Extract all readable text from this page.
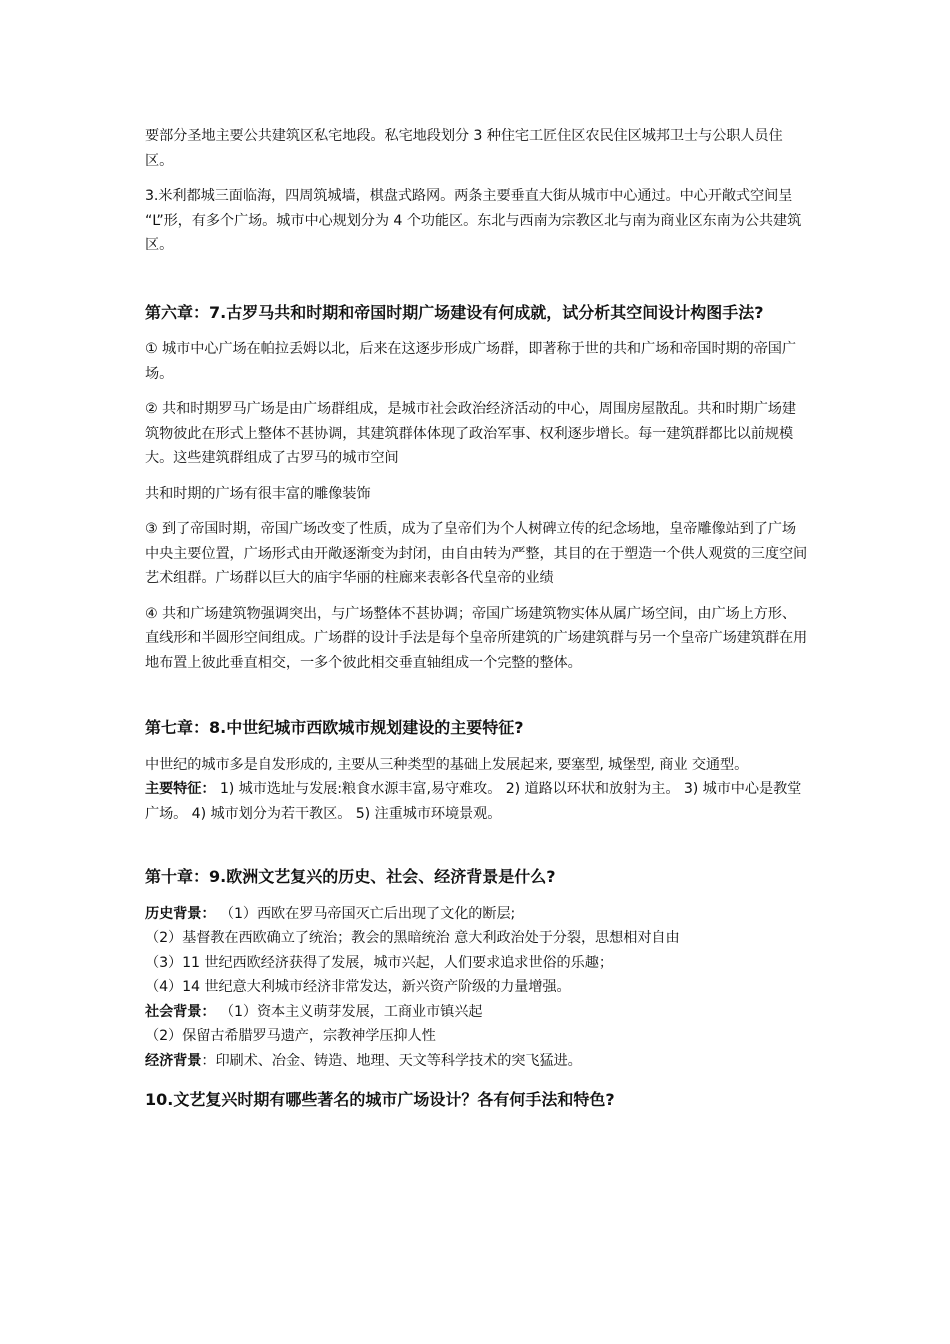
要部分圣地主要公共建筑区私宅地段。私宅地段划分 3 种住宅工匠住区农民住区城邦卫士与公职人员住区。

3.米利都城三面临海，四周筑城墙，棋盘式路网。两条主要垂直大街从城市中心通过。中心开敞式空间呈 “L”形，有多个广场。城市中心规划分为 4 个功能区。东北与西南为宗教区北与南为商业区东南为公共建筑区。

第六章：7.古罗马共和时期和帝国时期广场建设有何成就，试分析其空间设计构图手法?

① 城市中心广场在帕拉丢姆以北，后来在这逐步形成广场群，即著称于世的共和广场和帝国时期的帝国广场。

② 共和时期罗马广场是由广场群组成，是城市社会政治经济活动的中心，周围房屋散乱。共和时期广场建筑物彼此在形式上整体不甚协调，其建筑群体体现了政治军事、权利逐步增长。每一建筑群都比以前规模大。这些建筑群组成了古罗马的城市空间

共和时期的广场有很丰富的雕像装饰

③ 到了帝国时期，帝国广场改变了性质，成为了皇帝们为个人树碑立传的纪念场地，皇帝雕像站到了广场中央主要位置，广场形式由开敞逐渐变为封闭，由自由转为严整，其目的在于塑造一个供人观赏的三度空间艺术组群。广场群以巨大的庙宇华丽的柱廊来表彰各代皇帝的业绩

④ 共和广场建筑物强调突出，与广场整体不甚协调；帝国广场建筑物实体从属广场空间，由广场上方形、直线形和半圆形空间组成。广场群的设计手法是每个皇帝所建筑的广场建筑群与另一个皇帝广场建筑群在用地布置上彼此垂直相交，一多个彼此相交垂直轴组成一个完整的整体。

第七章：8.中世纪城市西欧城市规划建设的主要特征?

中世纪的城市多是自发形成的, 主要从三种类型的基础上发展起来, 要塞型, 城堡型, 商业 交通型。

主要特征： 1) 城市选址与发展:粮食水源丰富,易守难攻。 2) 道路以环状和放射为主。 3) 城市中心是教堂广场。 4) 城市划分为若干教区。 5) 注重城市环境景观。

第十章：9.欧洲文艺复兴的历史、社会、经济背景是什么?

历史背景： （1）西欧在罗马帝国灭亡后出现了文化的断层;

（2）基督教在西欧确立了统治；教会的黑暗统治 意大利政治处于分裂，思想相对自由

（3）11 世纪西欧经济获得了发展，城市兴起，人们要求追求世俗的乐趣；

（4）14 世纪意大利城市经济非常发达，新兴资产阶级的力量增强。

社会背景： （1）资本主义萌芽发展，工商业市镇兴起

（2）保留古希腊罗马遗产，宗教神学压抑人性

经济背景：印刷术、冶金、铸造、地理、天文等科学技术的突飞猛进。

10.文艺复兴时期有哪些著名的城市广场设计？各有何手法和特色?
